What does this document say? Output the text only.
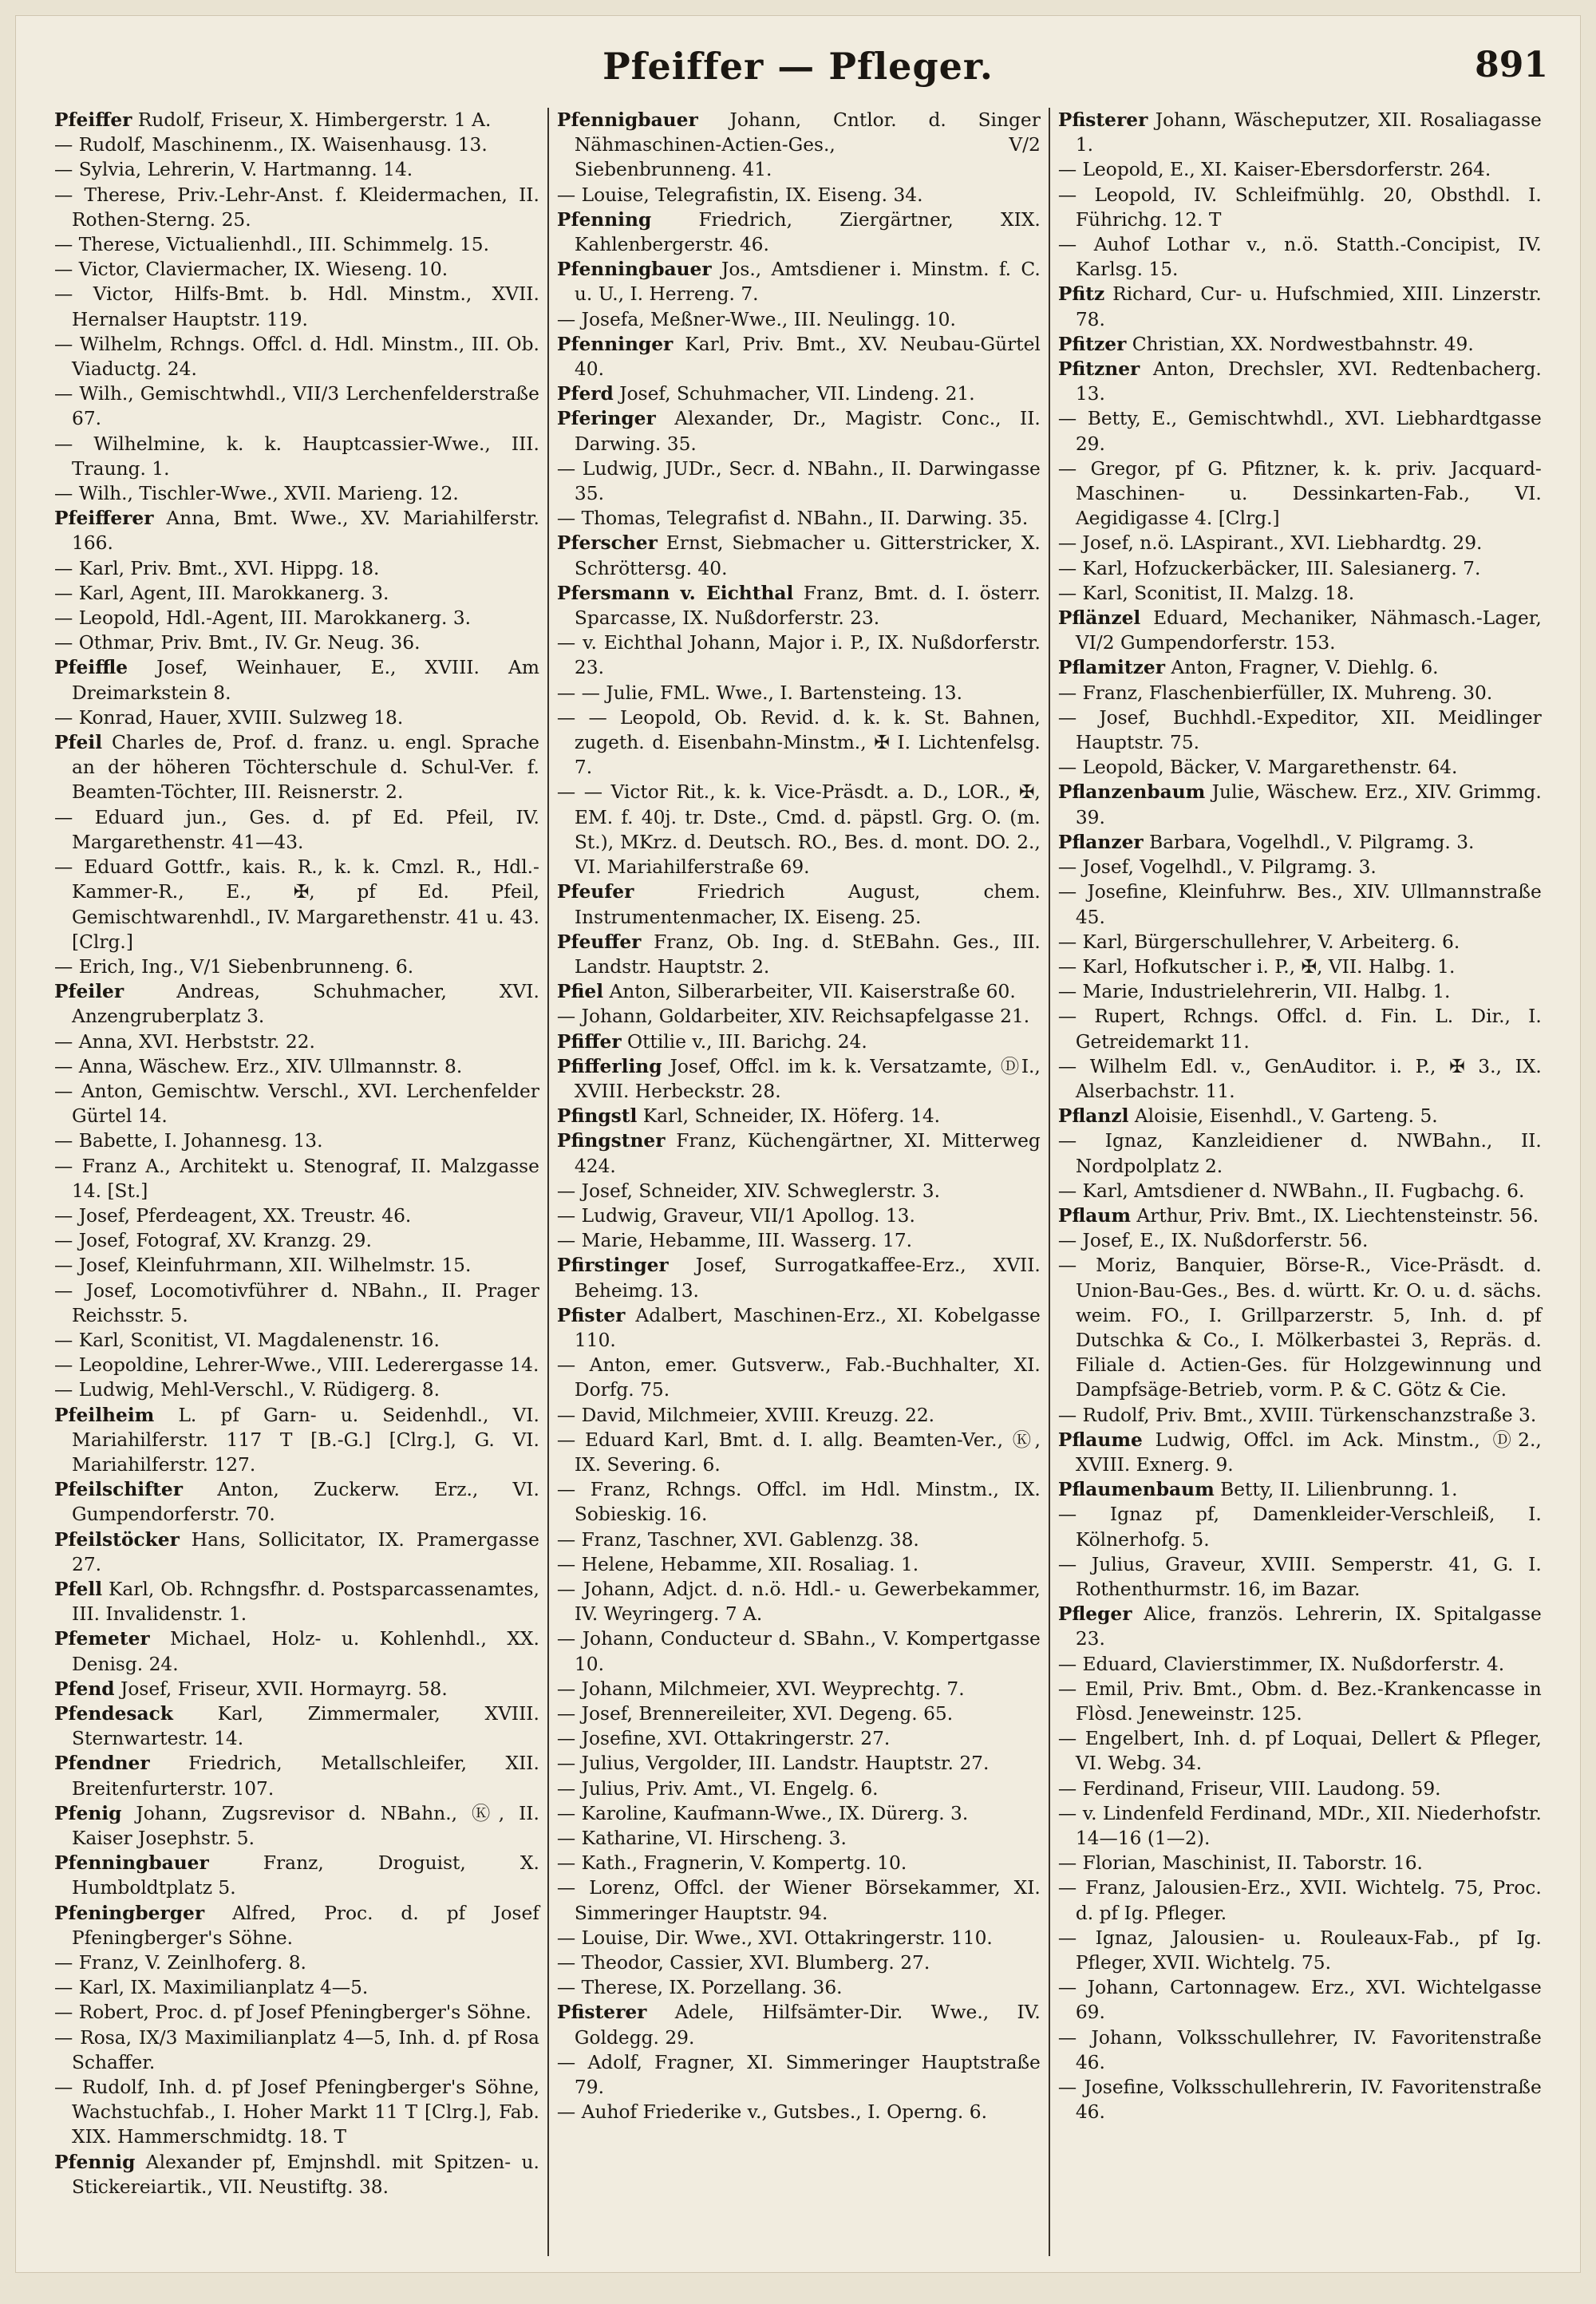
Pfeiffer — Pfleger.	891

Pfeiffer Rudolf, Friseur, X. Himbergerstr. 1 A.

— Rudolf, Maschinenm., IX. Waisenhausg. 13.

— Sylvia, Lehrerin, V. Hartmanng. 14.

— Therese, Priv.-Lehr-Anst. f. Kleidermachen, II. Rothen-Sterng. 25.

— Therese, Victualienhdl., III. Schimmelg. 15.

— Victor, Claviermacher, IX. Wieseng. 10.

— Victor, Hilfs-Bmt. b. Hdl. Minstm., XVII. Hernalser Hauptstr. 119.

— Wilhelm, Rchngs. Offcl. d. Hdl. Minstm., III. Ob. Viaductg. 24.

— Wilh., Gemischtwhdl., VII/3 Lerchenfelderstraße 67.

— Wilhelmine, k. k. Hauptcassier-Wwe., III. Traung. 1.

— Wilh., Tischler-Wwe., XVII. Marieng. 12.

Pfeifferer Anna, Bmt. Wwe., XV. Mariahilferstr. 166.

— Karl, Priv. Bmt., XVI. Hippg. 18.

— Karl, Agent, III. Marokkanerg. 3.

— Leopold, Hdl.-Agent, III. Marokkanerg. 3.

— Othmar, Priv. Bmt., IV. Gr. Neug. 36.

Pfeiffle Josef, Weinhauer, E., XVIII. Am Dreimarkstein 8.

— Konrad, Hauer, XVIII. Sulzweg 18.

Pfeil Charles de, Prof. d. franz. u. engl. Sprache an der höheren Töchterschule d. Schul-Ver. f. Beamten-Töchter, III. Reisnerstr. 2.

— Eduard jun., Ges. d. pf Ed. Pfeil, IV. Margarethenstr. 41—43.

— Eduard Gottfr., kais. R., k. k. Cmzl. R., Hdl.-Kammer-R., E., ✠, pf Ed. Pfeil, Gemischtwarenhdl., IV. Margarethenstr. 41 u. 43. [Clrg.]

— Erich, Ing., V/1 Siebenbrunneng. 6.

Pfeiler Andreas, Schuhmacher, XVI. Anzengruberplatz 3.

— Anna, XVI. Herbststr. 22.

— Anna, Wäschew. Erz., XIV. Ullmannstr. 8.

— Anton, Gemischtw. Verschl., XVI. Lerchenfelder Gürtel 14.

— Babette, I. Johannesg. 13.

— Franz A., Architekt u. Stenograf, II. Malzgasse 14. [St.]

— Josef, Pferdeagent, XX. Treustr. 46.

— Josef, Fotograf, XV. Kranzg. 29.

— Josef, Kleinfuhrmann, XII. Wilhelmstr. 15.

— Josef, Locomotivführer d. NBahn., II. Prager Reichsstr. 5.

— Karl, Sconitist, VI. Magdalenenstr. 16.

— Leopoldine, Lehrer-Wwe., VIII. Lederergasse 14.

— Ludwig, Mehl-Verschl., V. Rüdigerg. 8.

Pfeilheim L. pf Garn- u. Seidenhdl., VI. Mariahilferstr. 117 T [B.-G.] [Clrg.], G. VI. Mariahilferstr. 127.

Pfeilschifter Anton, Zuckerw. Erz., VI. Gumpendorferstr. 70.

Pfeilstöcker Hans, Sollicitator, IX. Pramergasse 27.

Pfell Karl, Ob. Rchngsfhr. d. Postsparcassenamtes, III. Invalidenstr. 1.

Pfemeter Michael, Holz- u. Kohlenhdl., XX. Denisg. 24.

Pfend Josef, Friseur, XVII. Hormayrg. 58.

Pfendesack Karl, Zimmermaler, XVIII. Sternwartestr. 14.

Pfendner Friedrich, Metallschleifer, XII. Breitenfurterstr. 107.

Pfenig Johann, Zugsrevisor d. NBahn., Ⓚ, II. Kaiser Josephstr. 5.

Pfenningbauer Franz, Droguist, X. Humboldtplatz 5.

Pfeningberger Alfred, Proc. d. pf Josef Pfeningberger's Söhne.

— Franz, V. Zeinlhoferg. 8.

— Karl, IX. Maximilianplatz 4—5.

— Robert, Proc. d. pf Josef Pfeningberger's Söhne.

— Rosa, IX/3 Maximilianplatz 4—5, Inh. d. pf Rosa Schaffer.

— Rudolf, Inh. d. pf Josef Pfeningberger's Söhne, Wachstuchfab., I. Hoher Markt 11 T [Clrg.], Fab. XIX. Hammerschmidtg. 18. T

Pfennig Alexander pf, Emjnshdl. mit Spitzen- u. Stickereiartik., VII. Neustiftg. 38.

Pfennigbauer Johann, Cntlor. d. Singer Nähmaschinen-Actien-Ges., V/2 Siebenbrunneng. 41.

— Louise, Telegrafistin, IX. Eiseng. 34.

Pfenning Friedrich, Ziergärtner, XIX. Kahlenbergerstr. 46.

Pfenningbauer Jos., Amtsdiener i. Minstm. f. C. u. U., I. Herreng. 7.

— Josefa, Meßner-Wwe., III. Neulingg. 10.

Pfenninger Karl, Priv. Bmt., XV. Neubau-Gürtel 40.

Pferd Josef, Schuhmacher, VII. Lindeng. 21.

Pferinger Alexander, Dr., Magistr. Conc., II. Darwing. 35.

— Ludwig, JUDr., Secr. d. NBahn., II. Darwingasse 35.

— Thomas, Telegrafist d. NBahn., II. Darwing. 35.

Pferscher Ernst, Siebmacher u. Gitterstricker, X. Schröttersg. 40.

Pfersmann v. Eichthal Franz, Bmt. d. I. österr. Sparcasse, IX. Nußdorferstr. 23.

— v. Eichthal Johann, Major i. P., IX. Nußdorferstr. 23.

— — Julie, FML. Wwe., I. Bartensteing. 13.

— — Leopold, Ob. Revid. d. k. k. St. Bahnen, zugeth. d. Eisenbahn-Minstm., ✠ I. Lichtenfelsg. 7.

— — Victor Rit., k. k. Vice-Präsdt. a. D., LOR., ✠, EM. f. 40j. tr. Dste., Cmd. d. päpstl. Grg. O. (m. St.), MKrz. d. Deutsch. RO., Bes. d. mont. DO. 2., VI. Mariahilferstraße 69.

Pfeufer Friedrich August, chem. Instrumentenmacher, IX. Eiseng. 25.

Pfeuffer Franz, Ob. Ing. d. StEBahn. Ges., III. Landstr. Hauptstr. 2.

Pfiel Anton, Silberarbeiter, VII. Kaiserstraße 60.

— Johann, Goldarbeiter, XIV. Reichsapfelgasse 21.

Pfiffer Ottilie v., III. Barichg. 24.

Pfifferling Josef, Offcl. im k. k. Versatzamte, ⒹI., XVIII. Herbeckstr. 28.

Pfingstl Karl, Schneider, IX. Höferg. 14.

Pfingstner Franz, Küchengärtner, XI. Mitterweg 424.

— Josef, Schneider, XIV. Schweglerstr. 3.

— Ludwig, Graveur, VII/1 Apollog. 13.

— Marie, Hebamme, III. Wasserg. 17.

Pfirstinger Josef, Surrogatkaffee-Erz., XVII. Beheimg. 13.

Pfister Adalbert, Maschinen-Erz., XI. Kobelgasse 110.

— Anton, emer. Gutsverw., Fab.-Buchhalter, XI. Dorfg. 75.

— David, Milchmeier, XVIII. Kreuzg. 22.

— Eduard Karl, Bmt. d. I. allg. Beamten-Ver., Ⓚ, IX. Severing. 6.

— Franz, Rchngs. Offcl. im Hdl. Minstm., IX. Sobieskig. 16.

— Franz, Taschner, XVI. Gablenzg. 38.

— Helene, Hebamme, XII. Rosaliag. 1.

— Johann, Adjct. d. n.ö. Hdl.- u. Gewerbekammer, IV. Weyringerg. 7 A.

— Johann, Conducteur d. SBahn., V. Kompertgasse 10.

— Johann, Milchmeier, XVI. Weyprechtg. 7.

— Josef, Brennereileiter, XVI. Degeng. 65.

— Josefine, XVI. Ottakringerstr. 27.

— Julius, Vergolder, III. Landstr. Hauptstr. 27.

— Julius, Priv. Amt., VI. Engelg. 6.

— Karoline, Kaufmann-Wwe., IX. Dürerg. 3.

— Katharine, VI. Hirscheng. 3.

— Kath., Fragnerin, V. Kompertg. 10.

— Lorenz, Offcl. der Wiener Börsekammer, XI. Simmeringer Hauptstr. 94.

— Louise, Dir. Wwe., XVI. Ottakringerstr. 110.

— Theodor, Cassier, XVI. Blumberg. 27.

— Therese, IX. Porzellang. 36.

Pfisterer Adele, Hilfsämter-Dir. Wwe., IV. Goldegg. 29.

— Adolf, Fragner, XI. Simmeringer Hauptstraße 79.

— Auhof Friederike v., Gutsbes., I. Operng. 6.

Pfisterer Johann, Wäscheputzer, XII. Rosaliagasse 1.

— Leopold, E., XI. Kaiser-Ebersdorferstr. 264.

— Leopold, IV. Schleifmühlg. 20, Obsthdl. I. Führichg. 12. T

— Auhof Lothar v., n.ö. Statth.-Concipist, IV. Karlsg. 15.

Pfitz Richard, Cur- u. Hufschmied, XIII. Linzerstr. 78.

Pfitzer Christian, XX. Nordwestbahnstr. 49.

Pfitzner Anton, Drechsler, XVI. Redtenbacherg. 13.

— Betty, E., Gemischtwhdl., XVI. Liebhardtgasse 29.

— Gregor, pf G. Pfitzner, k. k. priv. Jacquard-Maschinen- u. Dessinkarten-Fab., VI. Aegidigasse 4. [Clrg.]

— Josef, n.ö. LAspirant., XVI. Liebhardtg. 29.

— Karl, Hofzuckerbäcker, III. Salesianerg. 7.

— Karl, Sconitist, II. Malzg. 18.

Pflänzel Eduard, Mechaniker, Nähmasch.-Lager, VI/2 Gumpendorferstr. 153.

Pflamitzer Anton, Fragner, V. Diehlg. 6.

— Franz, Flaschenbierfüller, IX. Muhreng. 30.

— Josef, Buchhdl.-Expeditor, XII. Meidlinger Hauptstr. 75.

— Leopold, Bäcker, V. Margarethenstr. 64.

Pflanzenbaum Julie, Wäschew. Erz., XIV. Grimmg. 39.

Pflanzer Barbara, Vogelhdl., V. Pilgramg. 3.

— Josef, Vogelhdl., V. Pilgramg. 3.

— Josefine, Kleinfuhrw. Bes., XIV. Ullmannstraße 45.

— Karl, Bürgerschullehrer, V. Arbeiterg. 6.

— Karl, Hofkutscher i. P., ✠, VII. Halbg. 1.

— Marie, Industrielehrerin, VII. Halbg. 1.

— Rupert, Rchngs. Offcl. d. Fin. L. Dir., I. Getreidemarkt 11.

— Wilhelm Edl. v., GenAuditor. i. P., ✠ 3., IX. Alserbachstr. 11.

Pflanzl Aloisie, Eisenhdl., V. Garteng. 5.

— Ignaz, Kanzleidiener d. NWBahn., II. Nordpolplatz 2.

— Karl, Amtsdiener d. NWBahn., II. Fugbachg. 6.

Pflaum Arthur, Priv. Bmt., IX. Liechtensteinstr. 56.

— Josef, E., IX. Nußdorferstr. 56.

— Moriz, Banquier, Börse-R., Vice-Präsdt. d. Union-Bau-Ges., Bes. d. württ. Kr. O. u. d. sächs. weim. FO., I. Grillparzerstr. 5, Inh. d. pf Dutschka & Co., I. Mölkerbastei 3, Repräs. d. Filiale d. Actien-Ges. für Holzgewinnung und Dampfsäge-Betrieb, vorm. P. & C. Götz & Cie.

— Rudolf, Priv. Bmt., XVIII. Türkenschanzstraße 3.

Pflaume Ludwig, Offcl. im Ack. Minstm., Ⓓ2., XVIII. Exnerg. 9.

Pflaumenbaum Betty, II. Lilienbrunng. 1.

— Ignaz pf, Damenkleider-Verschleiß, I. Kölnerhofg. 5.

— Julius, Graveur, XVIII. Semperstr. 41, G. I. Rothenthurmstr. 16, im Bazar.

Pfleger Alice, französ. Lehrerin, IX. Spitalgasse 23.

— Eduard, Clavierstimmer, IX. Nußdorferstr. 4.

— Emil, Priv. Bmt., Obm. d. Bez.-Krankencasse in Flòsd. Jeneweinstr. 125.

— Engelbert, Inh. d. pf Loquai, Dellert & Pfleger, VI. Webg. 34.

— Ferdinand, Friseur, VIII. Laudong. 59.

— v. Lindenfeld Ferdinand, MDr., XII. Niederhofstr. 14—16 (1—2).

— Florian, Maschinist, II. Taborstr. 16.

— Franz, Jalousien-Erz., XVII. Wichtelg. 75, Proc. d. pf Ig. Pfleger.

— Ignaz, Jalousien- u. Rouleaux-Fab., pf Ig. Pfleger, XVII. Wichtelg. 75.

— Johann, Cartonnagew. Erz., XVI. Wichtelgasse 69.

— Johann, Volksschullehrer, IV. Favoritenstraße 46.

— Josefine, Volksschullehrerin, IV. Favoritenstraße 46.
